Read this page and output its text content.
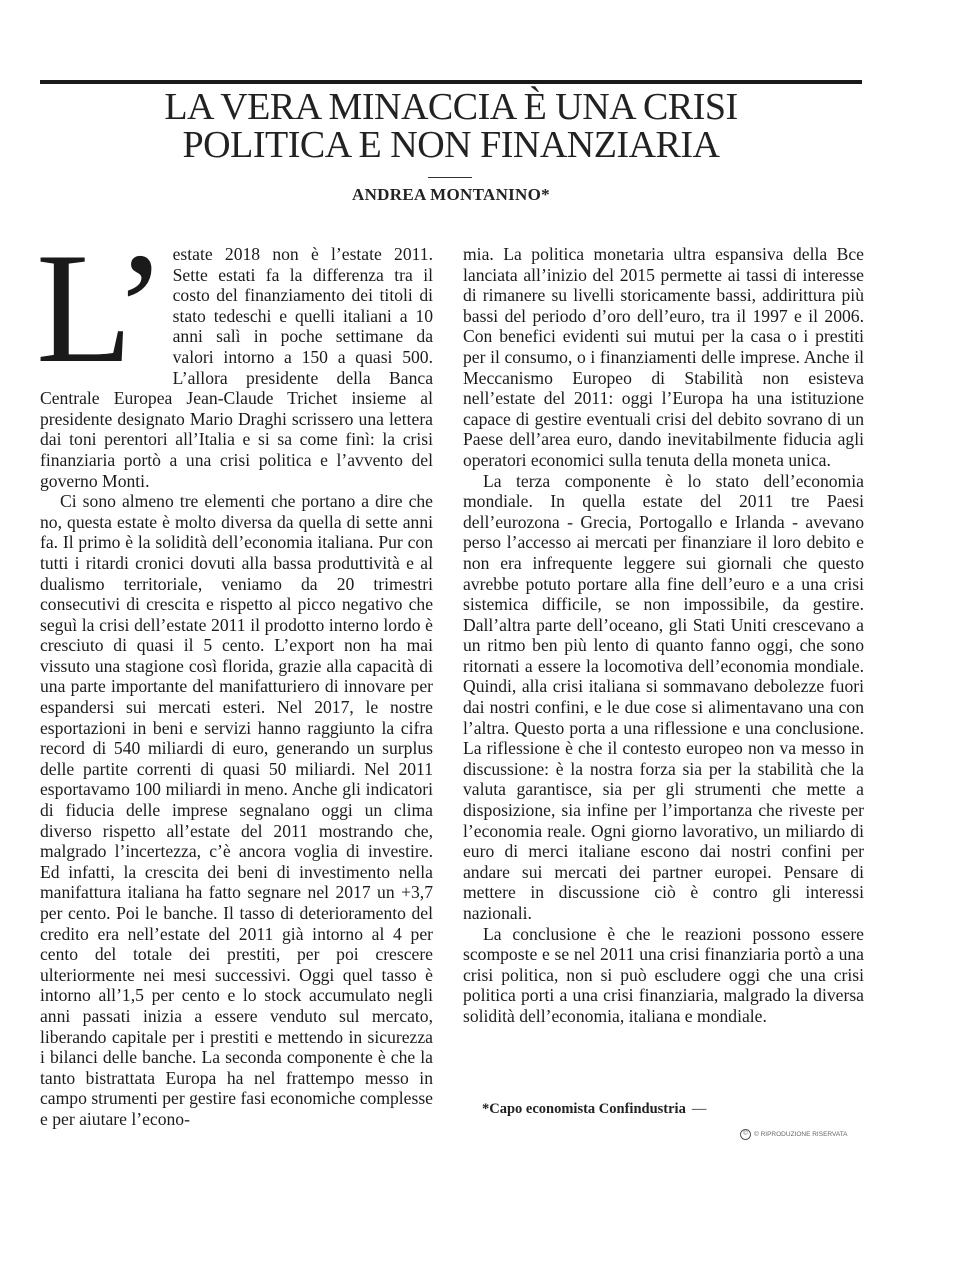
LA VERA MINACCIA È UNA CRISI
POLITICA E NON FINANZIARIA
ANDREA MONTANINO*

L’ estate 2018 non è l’estate 2011. Sette estati fa la differenza tra il costo del finanziamento dei titoli di stato tedeschi e quelli italiani a 10 anni salì in poche settimane da valori intorno a 150 a quasi 500. L’allora presidente della Banca Centrale Europea Jean-Claude Trichet insieme al presidente designato Mario Draghi scrissero una lettera dai toni perentori all’Italia e si sa come finì: la crisi finanziaria portò a una crisi politica e l’avvento del governo Monti.

Ci sono almeno tre elementi che portano a dire che no, questa estate è molto diversa da quella di sette anni fa. Il primo è la solidità dell’economia italiana. Pur con tutti i ritardi cronici dovuti alla bassa produttività e al dualismo territoriale, veniamo da 20 trimestri consecutivi di crescita e rispetto al picco negativo che seguì la crisi dell’estate 2011 il prodotto interno lordo è cresciuto di quasi il 5 cento. L’export non ha mai vissuto una stagione così florida, grazie alla capacità di una parte importante del manifatturiero di innovare per espandersi sui mercati esteri. Nel 2017, le nostre esportazioni in beni e servizi hanno raggiunto la cifra record di 540 miliardi di euro, generando un surplus delle partite correnti di quasi 50 miliardi. Nel 2011 esportavamo 100 miliardi in meno. Anche gli indicatori di fiducia delle imprese segnalano oggi un clima diverso rispetto all’estate del 2011 mostrando che, malgrado l’incertezza, c’è ancora voglia di investire. Ed infatti, la crescita dei beni di investimento nella manifattura italiana ha fatto segnare nel 2017 un +3,7 per cento. Poi le banche. Il tasso di deterioramento del credito era nell’estate del 2011 già intorno al 4 per cento del totale dei prestiti, per poi crescere ulteriormente nei mesi successivi. Oggi quel tasso è intorno all’1,5 per cento e lo stock accumulato negli anni passati inizia a essere venduto sul mercato, liberando capitale per i prestiti e mettendo in sicurezza i bilanci delle banche. La seconda componente è che la tanto bistrattata Europa ha nel frattempo messo in campo strumenti per gestire fasi economiche complesse e per aiutare l’econo-

mia. La politica monetaria ultra espansiva della Bce lanciata all’inizio del 2015 permette ai tassi di interesse di rimanere su livelli storicamente bassi, addirittura più bassi del periodo d’oro dell’euro, tra il 1997 e il 2006. Con benefici evidenti sui mutui per la casa o i prestiti per il consumo, o i finanziamenti delle imprese. Anche il Meccanismo Europeo di Stabilità non esisteva nell’estate del 2011: oggi l’Europa ha una istituzione capace di gestire eventuali crisi del debito sovrano di un Paese dell’area euro, dando inevitabilmente fiducia agli operatori economici sulla tenuta della moneta unica.

La terza componente è lo stato dell’economia mondiale. In quella estate del 2011 tre Paesi dell’eurozona - Grecia, Portogallo e Irlanda - avevano perso l’accesso ai mercati per finanziare il loro debito e non era infrequente leggere sui giornali che questo avrebbe potuto portare alla fine dell’euro e a una crisi sistemica difficile, se non impossibile, da gestire. Dall’altra parte dell’oceano, gli Stati Uniti crescevano a un ritmo ben più lento di quanto fanno oggi, che sono ritornati a essere la locomotiva dell’economia mondiale. Quindi, alla crisi italiana si sommavano debolezze fuori dai nostri confini, e le due cose si alimentavano una con l’altra. Questo porta a una riflessione e una conclusione. La riflessione è che il contesto europeo non va messo in discussione: è la nostra forza sia per la stabilità che la valuta garantisce, sia per gli strumenti che mette a disposizione, sia infine per l’importanza che riveste per l’economia reale. Ogni giorno lavorativo, un miliardo di euro di merci italiane escono dai nostri confini per andare sui mercati dei partner europei. Pensare di mettere in discussione ciò è contro gli interessi nazionali.

La conclusione è che le reazioni possono essere scomposte e se nel 2011 una crisi finanziaria portò a una crisi politica, non si può escludere oggi che una crisi politica porti a una crisi finanziaria, malgrado la diversa solidità dell’economia, italiana e mondiale.

*Capo economista Confindustria —
© © RIPRODUZIONE RISERVATA
